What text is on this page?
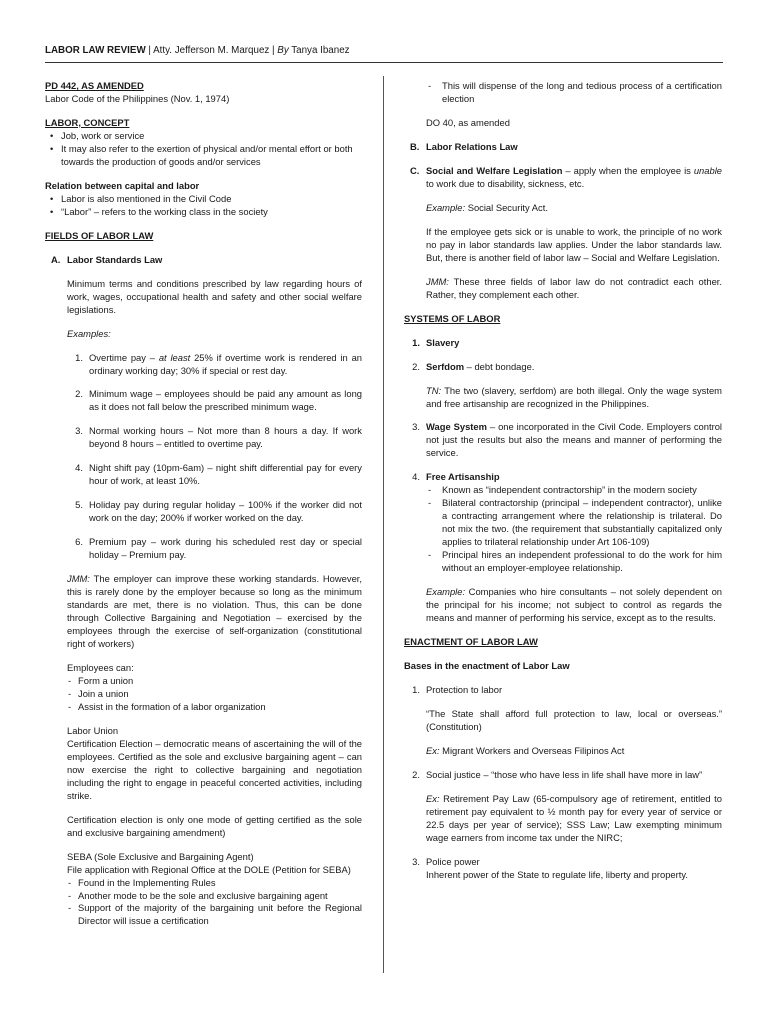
LABOR LAW REVIEW | Atty. Jefferson M. Marquez | By Tanya Ibanez
PD 442, AS AMENDED
Labor Code of the Philippines (Nov. 1, 1974)
LABOR, CONCEPT
• Job, work or service
• It may also refer to the exertion of physical and/or mental effort or both towards the production of goods and/or services
Relation between capital and labor
• Labor is also mentioned in the Civil Code
• “Labor” – refers to the working class in the society
FIELDS OF LABOR LAW
A. Labor Standards Law
Minimum terms and conditions prescribed by law regarding hours of work, wages, occupational health and safety and other social welfare legislations.
Examples:
1. Overtime pay – at least 25% if overtime work is rendered in an ordinary working day; 30% if special or rest day.
2. Minimum wage – employees should be paid any amount as long as it does not fall below the prescribed minimum wage.
3. Normal working hours – Not more than 8 hours a day. If work beyond 8 hours – entitled to overtime pay.
4. Night shift pay (10pm-6am) – night shift differential pay for every hour of work, at least 10%.
5. Holiday pay during regular holiday – 100% if the worker did not work on the day; 200% if worker worked on the day.
6. Premium pay – work during his scheduled rest day or special holiday – Premium pay.
JMM: The employer can improve these working standards. However, this is rarely done by the employer because so long as the minimum standards are met, there is no violation. Thus, this can be done through Collective Bargaining and Negotiation – exercised by the employees through the exercise of self-organization (constitutional right of workers)
Employees can:
- Form a union
- Join a union
- Assist in the formation of a labor organization
Labor Union
Certification Election – democratic means of ascertaining the will of the employees. Certified as the sole and exclusive bargaining agent – can now exercise the right to collective bargaining and negotiation including the right to engage in peaceful concerted activities, including strike.
Certification election is only one mode of getting certified as the sole and exclusive bargaining amendment)
SEBA (Sole Exclusive and Bargaining Agent)
File application with Regional Office at the DOLE (Petition for SEBA)
- Found in the Implementing Rules
- Another mode to be the sole and exclusive bargaining agent
- Support of the majority of the bargaining unit before the Regional Director will issue a certification
- This will dispense of the long and tedious process of a certification election
DO 40, as amended
B. Labor Relations Law
C. Social and Welfare Legislation – apply when the employee is unable to work due to disability, sickness, etc.
Example: Social Security Act.
If the employee gets sick or is unable to work, the principle of no work no pay in labor standards law applies. Under the labor standards law. But, there is another field of labor law – Social and Welfare Legislation.
JMM: These three fields of labor law do not contradict each other. Rather, they complement each other.
SYSTEMS OF LABOR
1. Slavery
2. Serfdom – debt bondage.
TN: The two (slavery, serfdom) are both illegal. Only the wage system and free artisanship are recognized in the Philippines.
3. Wage System – one incorporated in the Civil Code. Employers control not just the results but also the means and manner of performing the service.
4. Free Artisanship
- Known as “independent contractorship” in the modern society
- Bilateral contractorship (principal – independent contractor), unlike a contracting arrangement where the relationship is trilateral. Do not mix the two. (the requirement that substantially capitalized only applies to trilateral relationship under Art 106-109)
- Principal hires an independent professional to do the work for him without an employer-employee relationship.
Example: Companies who hire consultants – not solely dependent on the principal for his income; not subject to control as regards the means and manner of performing his service, except as to the results.
ENACTMENT OF LABOR LAW
Bases in the enactment of Labor Law
1. Protection to labor
“The State shall afford full protection to law, local or overseas.” (Constitution)
Ex: Migrant Workers and Overseas Filipinos Act
2. Social justice – “those who have less in life shall have more in law”
Ex: Retirement Pay Law (65-compulsory age of retirement, entitled to retirement pay equivalent to ½ month pay for every year of service or 22.5 days per year of service); SSS Law; Law exempting minimum wage earners from income tax under the NIRC;
3. Police power
Inherent power of the State to regulate life, liberty and property.
